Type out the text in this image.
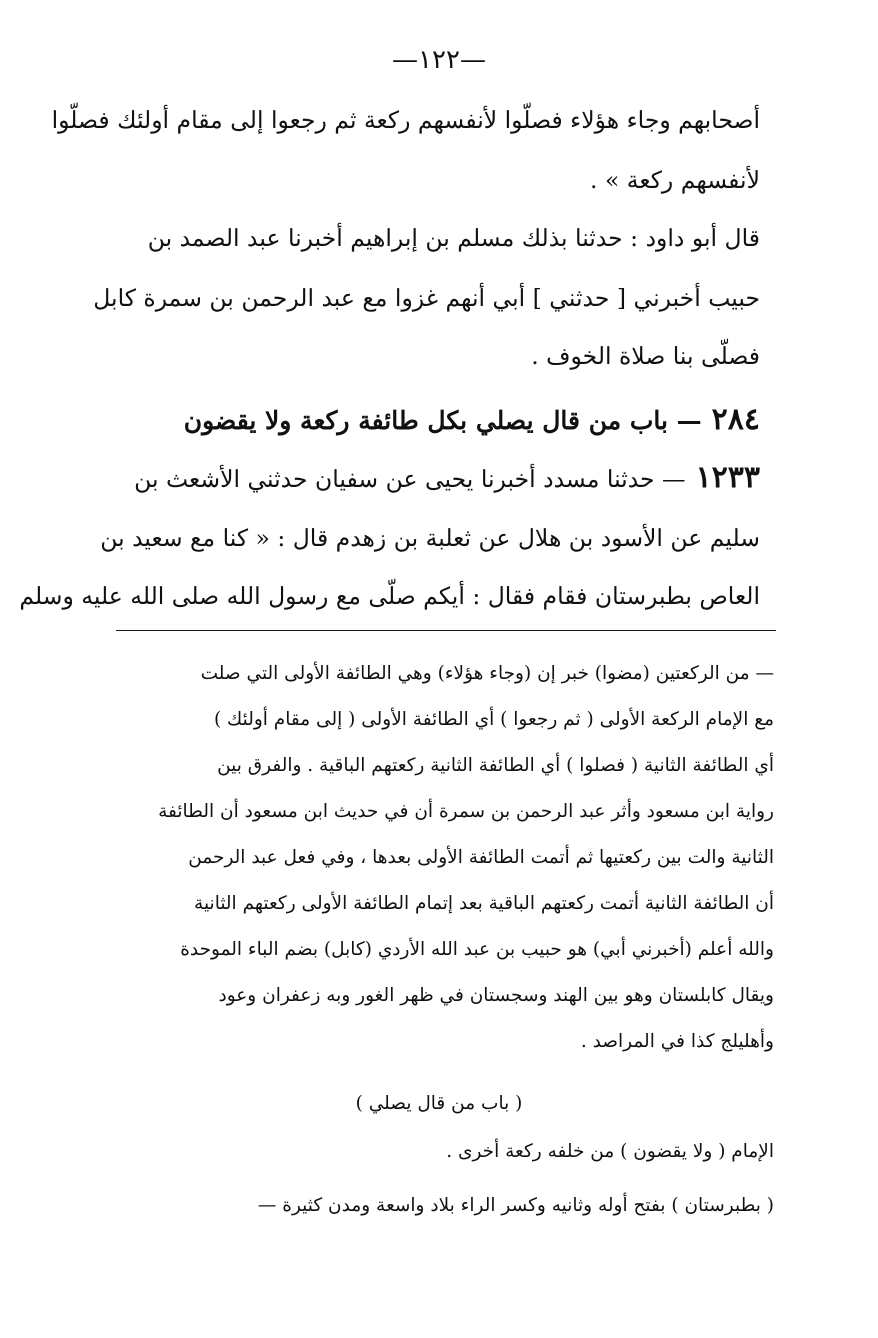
—١٢٢—
أصحابهم وجاء هؤلاء فصلّوا لأنفسهم ركعة ثم رجعوا إلى مقام أولئك فصلّوا
لأنفسهم ركعة » .
قال أبو داود : حدثنا بذلك مسلم بن إبراهيم أخبرنا عبد الصمد بن
حبيب أخبرني [ حدثني ] أبي أنهم غزوا مع عبد الرحمن بن سمرة كابل
فصلّى بنا صلاة الخوف .
٢٨٤— باب من قال يصلي بكل طائفة ركعة ولا يقضون
١٢٣٣— حدثنا مسدد أخبرنا يحيى عن سفيان حدثني الأشعث بن
سليم عن الأسود بن هلال عن ثعلبة بن زهدم قال : « كنا مع سعيد بن
العاص بطبرستان فقام فقال : أيكم صلّى مع رسول الله صلى الله عليه وسلم
— من الركعتين (مضوا) خبر إن (وجاء هؤلاء) وهي الطائفة الأولى التي صلت
مع الإمام الركعة الأولى ( ثم رجعوا ) أي الطائفة الأولى ( إلى مقام أولئك )
أي الطائفة الثانية ( فصلوا ) أي الطائفة الثانية ركعتهم الباقية . والفرق بين
رواية ابن مسعود وأثر عبد الرحمن بن سمرة أن في حديث ابن مسعود أن الطائفة
الثانية والت بين ركعتيها ثم أتمت الطائفة الأولى بعدها ، وفي فعل عبد الرحمن
أن الطائفة الثانية أتمت ركعتهم الباقية بعد إتمام الطائفة الأولى ركعتهم الثانية
والله أعلم (أخبرني أبي) هو حبيب بن عبد الله الأردي (كابل) بضم الباء الموحدة
ويقال كابلستان وهو بين الهند وسجستان في ظهر الغور وبه زعفران وعود
وأهليلج كذا في المراصد .
( باب من قال يصلي )
الإمام ( ولا يقضون ) من خلفه ركعة أخرى .
( بطبرستان ) بفتح أوله وثانيه وكسر الراء بلاد واسعة ومدن كثيرة —
